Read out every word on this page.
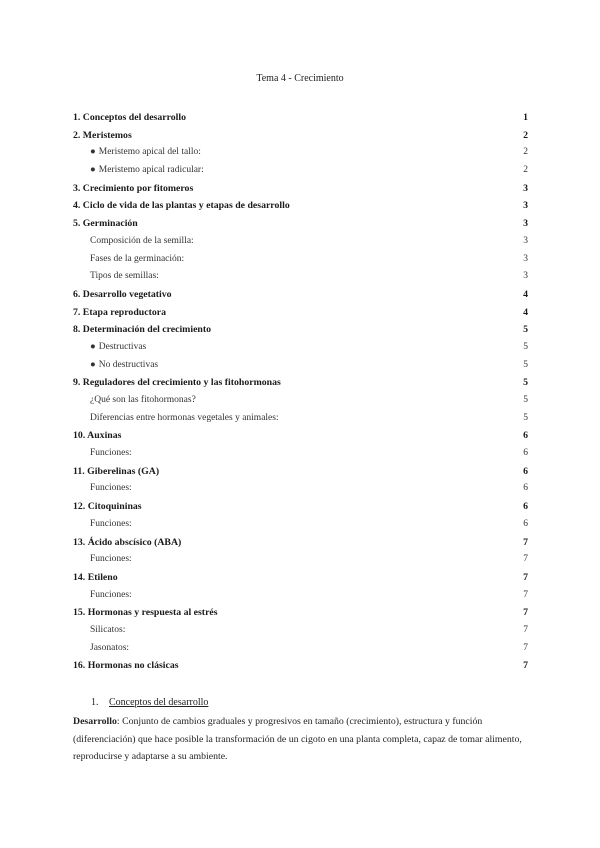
Tema 4 - Crecimiento
1. Conceptos del desarrollo	1
2. Meristemos	2
● Meristemo apical del tallo:	2
● Meristemo apical radicular:	2
3. Crecimiento por fitomeros	3
4. Ciclo de vida de las plantas y etapas de desarrollo	3
5. Germinación	3
Composición de la semilla:	3
Fases de la germinación:	3
Tipos de semillas:	3
6. Desarrollo vegetativo	4
7. Etapa reproductora	4
8. Determinación del crecimiento	5
● Destructivas	5
● No destructivas	5
9. Reguladores del crecimiento y las fitohormonas	5
¿Qué son las fitohormonas?	5
Diferencias entre hormonas vegetales y animales:	5
10. Auxinas	6
Funciones:	6
11. Giberelinas (GA)	6
Funciones:	6
12. Citoquininas	6
Funciones:	6
13. Ácido abscísico (ABA)	7
Funciones:	7
14. Etileno	7
Funciones:	7
15. Hormonas y respuesta al estrés	7
Silicatos:	7
Jasonatos:	7
16. Hormonas no clásicas	7
1. Conceptos del desarrollo
Desarrollo: Conjunto de cambios graduales y progresivos en tamaño (crecimiento), estructura y función (diferenciación) que hace posible la transformación de un cigoto en una planta completa, capaz de tomar alimento, reproducirse y adaptarse a su ambiente.
